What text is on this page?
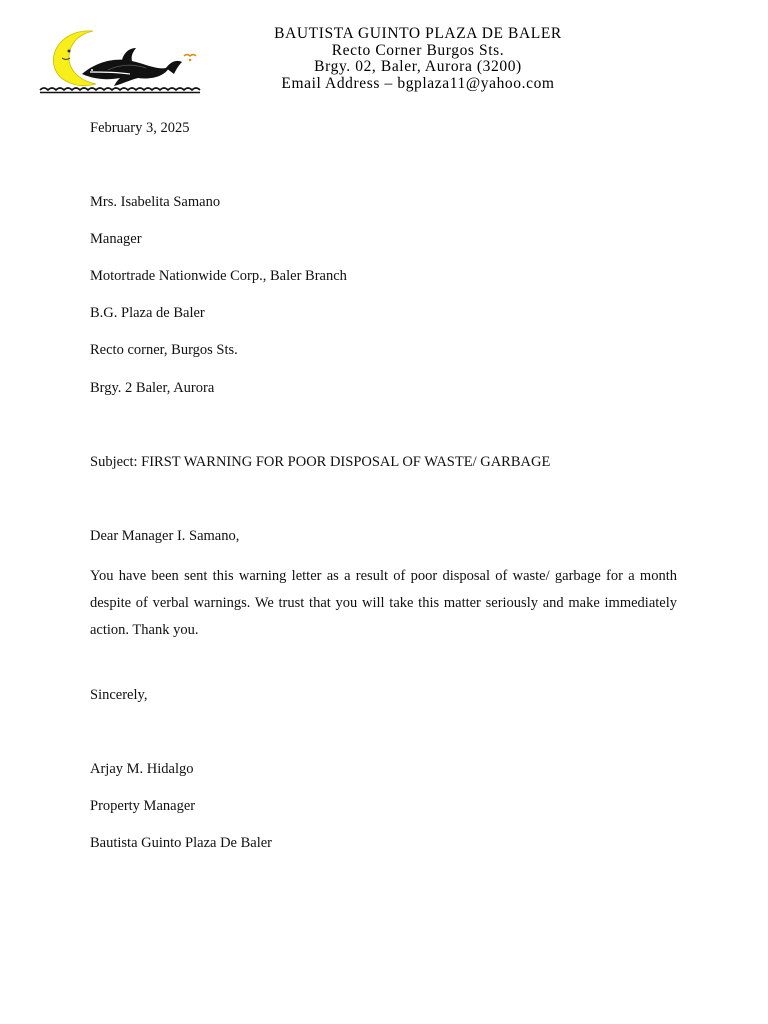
BAUTISTA GUINTO PLAZA DE BALER
Recto Corner Burgos Sts.
Brgy. 02, Baler, Aurora (3200)
Email Address – bgplaza11@yahoo.com
February 3, 2025
Mrs. Isabelita Samano
Manager
Motortrade Nationwide Corp., Baler Branch
B.G. Plaza de Baler
Recto corner, Burgos Sts.
Brgy. 2 Baler, Aurora
Subject: FIRST WARNING FOR POOR DISPOSAL OF WASTE/ GARBAGE
Dear Manager I. Samano,
You have been sent this warning letter as a result of poor disposal of waste/ garbage for a month despite of verbal warnings. We trust that you will take this matter seriously and make immediately action. Thank you.
Sincerely,
Arjay M. Hidalgo
Property Manager
Bautista Guinto Plaza De Baler
